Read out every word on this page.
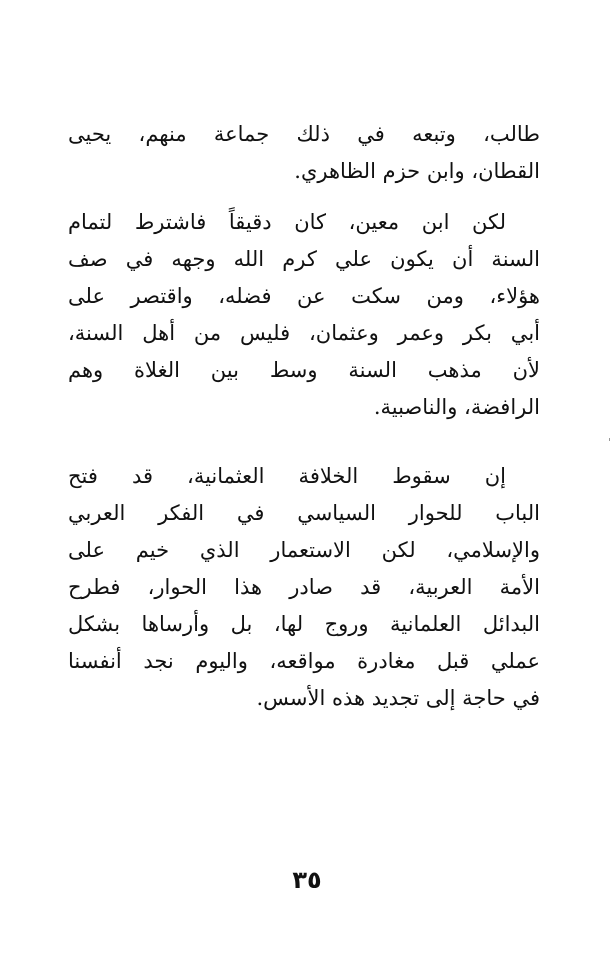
طالب، وتبعه في ذلك جماعة منهم، يحيى
القطان، وابن حزم الظاهري.
لكن ابن معين، كان دقيقاً فاشترط لتمام
السنة أن يكون علي كرم الله وجهه في صف
هؤلاء، ومن سكت عن فضله، واقتصر على
أبي بكر وعمر وعثمان، فليس من أهل السنة،
لأن مذهب السنة وسط بين الغلاة وهم
الرافضة، والناصبية.
إن سقوط الخلافة العثمانية، قد فتح
الباب للحوار السياسي في الفكر العربي
والإسلامي، لكن الاستعمار الذي خيم على
الأمة العربية، قد صادر هذا الحوار، فطرح
البدائل العلمانية وروج لها، بل وأرساها بشكل
عملي قبل مغادرة مواقعه، واليوم نجد أنفسنا
في حاجة إلى تجديد هذه الأسس.
٣٥
